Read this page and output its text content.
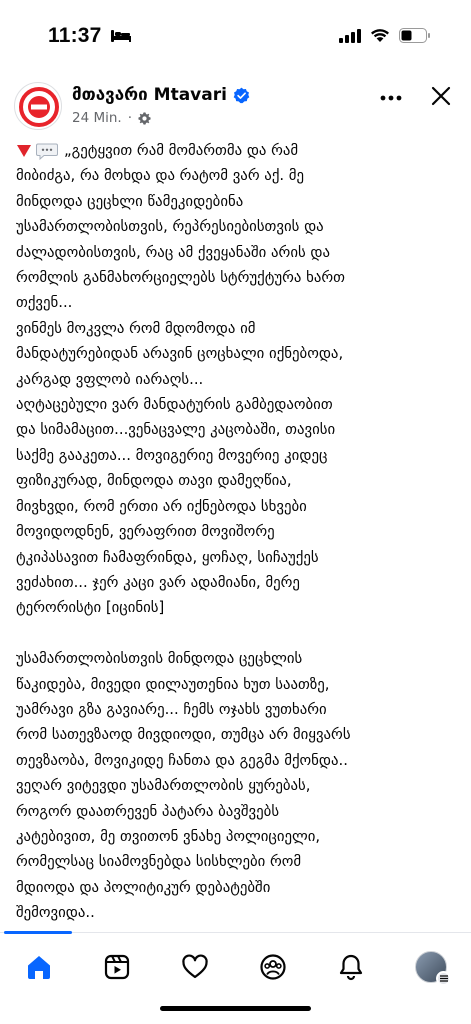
11:37
მთავარი Mtavari
24 Min. ·

„გეტყვით რამ მომართმა და რამ
მიბიძგა, რა მოხდა და რატომ ვარ აქ. მე
მინდოდა ცეცხლი წამეკიდებინა
უსამართლობისთვის, რეპრესიებისთვის და
ძალადობისთვის, რაც ამ ქვეყანაში არის და
რომლის განმახორციელებს სტრუქტურა ხართ
თქვენ...
ვინმეს მოკვლა რომ მდომოდა იმ
მანდატურებიდან არავინ ცოცხალი იქნებოდა,
კარგად ვფლობ იარაღს...
აღტაცებული ვარ მანდატურის გამბედაობით
და სიმამაცით...ვენაცვალე კაცობაში, თავისი
საქმე გააკეთა... მოვიგერიე მოვერიე კიდეც
ფიზიკურად, მინდოდა თავი დამეღწია,
მივხვდი, რომ ერთი არ იქნებოდა სხვები
მოვიდოდნენ, ვერაფრით მოვიშორე
ტკიპასავით ჩამაფრინდა, ყოჩაღ, სიჩაუქეს
ვეძახით... ჯერ კაცი ვარ ადამიანი, მერე
ტერორისტი [იცინის]

უსამართლობისთვის მინდოდა ცეცხლის
წაკიდება, მივედი დილაუთენია ხუთ საათზე,
უამრავი გზა გავიარე... ჩემს ოჯახს ვუთხარი
რომ სათევზაოდ მივდიოდი, თუმცა არ მიყვარს
თევზაობა, მოვიკიდე ჩანთა და გეგმა მქონდა..
ვეღარ ვიტევდი უსამართლობის ყურებას,
როგორ დაათრევენ პატარა ბავშვებს
კატებივით, მე თვითონ ვნახე პოლიციელი,
რომელსაც სიამოვნებდა სისხლები რომ
მდიოდა და პოლიტიკურ დებატებში
შემოვიდა..
